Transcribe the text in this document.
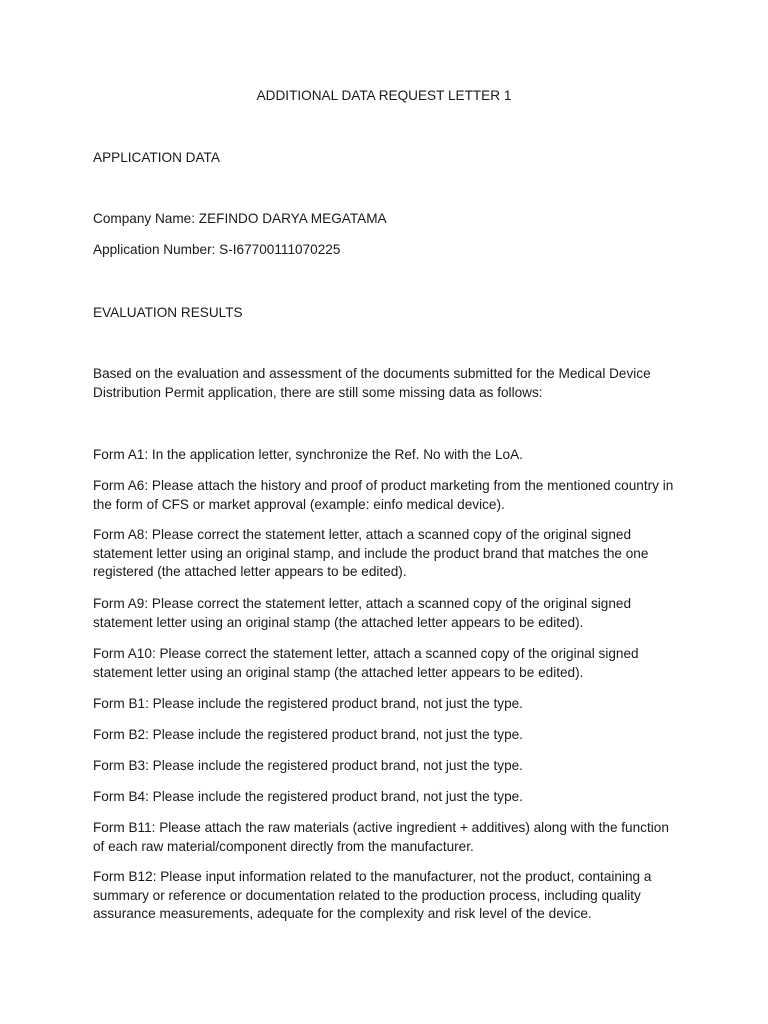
ADDITIONAL DATA REQUEST LETTER 1

APPLICATION DATA

Company Name: ZEFINDO DARYA MEGATAMA

Application Number: S-I67700111070225

EVALUATION RESULTS

Based on the evaluation and assessment of the documents submitted for the Medical Device Distribution Permit application, there are still some missing data as follows:

Form A1: In the application letter, synchronize the Ref. No with the LoA.

Form A6: Please attach the history and proof of product marketing from the mentioned country in the form of CFS or market approval (example: einfo medical device).

Form A8: Please correct the statement letter, attach a scanned copy of the original signed statement letter using an original stamp, and include the product brand that matches the one registered (the attached letter appears to be edited).

Form A9: Please correct the statement letter, attach a scanned copy of the original signed statement letter using an original stamp (the attached letter appears to be edited).

Form A10: Please correct the statement letter, attach a scanned copy of the original signed statement letter using an original stamp (the attached letter appears to be edited).

Form B1: Please include the registered product brand, not just the type.

Form B2: Please include the registered product brand, not just the type.

Form B3: Please include the registered product brand, not just the type.

Form B4: Please include the registered product brand, not just the type.

Form B11: Please attach the raw materials (active ingredient + additives) along with the function of each raw material/component directly from the manufacturer.

Form B12: Please input information related to the manufacturer, not the product, containing a summary or reference or documentation related to the production process, including quality assurance measurements, adequate for the complexity and risk level of the device.
